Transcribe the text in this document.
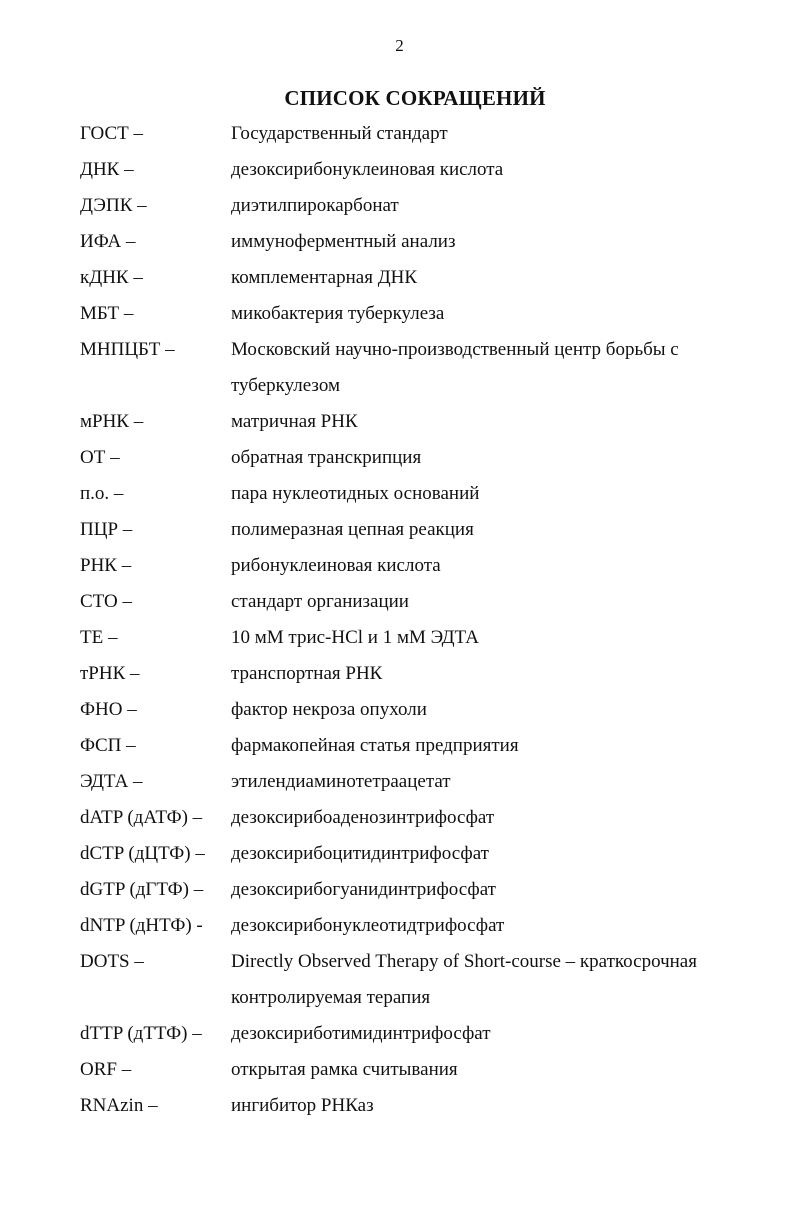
2
СПИСОК СОКРАЩЕНИЙ
ГОСТ –	Государственный стандарт
ДНК –	дезоксирибонуклеиновая кислота
ДЭПК –	диэтилпирокарбонат
ИФА –	иммуноферментный анализ
кДНК –	комплементарная ДНК
МБТ –	микобактерия туберкулеза
МНПЦБТ –	Московский научно-производственный центр борьбы с туберкулезом
мРНК –	матричная РНК
ОТ –	обратная транскрипция
п.о. –	пара нуклеотидных оснований
ПЦР –	полимеразная цепная реакция
РНК –	рибонуклеиновая кислота
СТО –	стандарт организации
ТЕ –	10 мМ трис-HCl и 1 мМ ЭДТА
тРНК –	транспортная РНК
ФНО –	фактор некроза опухоли
ФСП –	фармакопейная статья предприятия
ЭДТА –	этилендиаминотетраацетат
dATP (дАТФ) –	дезоксирибоаденозинтрифосфат
dCTP (дЦТФ) –	дезоксирибоцитидинтрифосфат
dGTP (дГТФ) –	дезоксирибогуанидинтрифосфат
dNTP (дНТФ) -	дезоксирибонуклеотидтрифосфат
DOTS –	Directly Observed Therapy of Short-course – краткосрочная контролируемая терапия
dTTP (дТТФ) –	дезоксириботимидинтрифосфат
ORF –	открытая рамка считывания
RNAzin –	ингибитор РНКаз
